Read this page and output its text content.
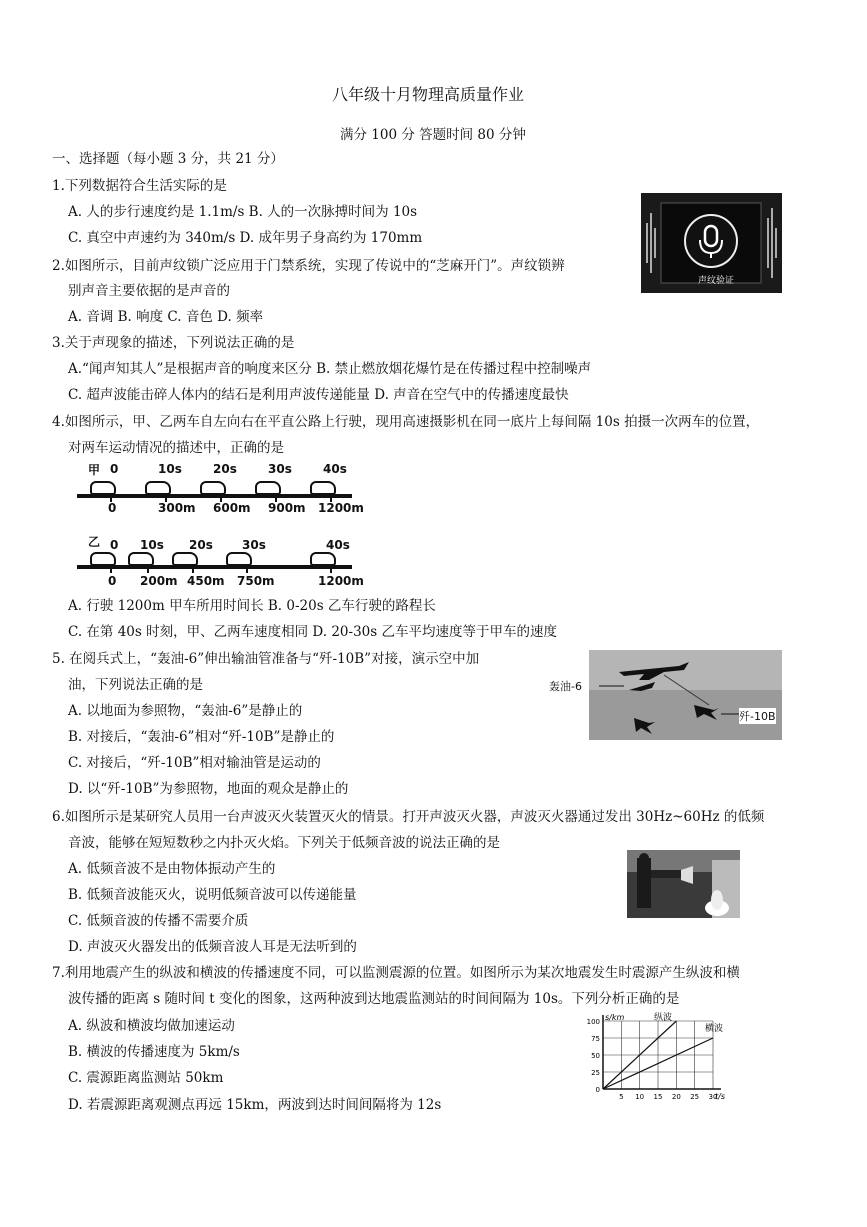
八年级十月物理高质量作业
满分 100 分 答题时间 80 分钟
一、选择题（每小题 3 分，共 21 分）
1.下列数据符合生活实际的是
A. 人的步行速度约是 1.1m/s B. 人的一次脉搏时间为 10s
C. 真空中声速约为 340m/s D. 成年男子身高约为 170mm
声纹验证
2.如图所示，目前声纹锁广泛应用于门禁系统，实现了传说中的“芝麻开门”。声纹锁辨
别声音主要依据的是声音的
A. 音调 B. 响度 C. 音色 D. 频率
3.关于声现象的描述，下列说法正确的是
A.“闻声知其人”是根据声音的响度来区分 B. 禁止燃放烟花爆竹是在传播过程中控制噪声
C. 超声波能击碎人体内的结石是利用声波传递能量 D. 声音在空气中的传播速度最快
4.如图所示，甲、乙两车自左向右在平直公路上行驶，现用高速摄影机在同一底片上每间隔 10s 拍摄一次两车的位置，
对两车运动情况的描述中，正确的是
甲 0	10s	20s	30s	40s
0	300m 600m 900m 1200m
乙 0 10s 20s 30s	40s
0 200m 450m 750m	1200m
A. 行驶 1200m 甲车所用时间长 B. 0-20s 乙车行驶的路程长
C. 在第 40s 时刻，甲、乙两车速度相同 D. 20-30s 乙车平均速度等于甲车的速度
轰油-6
歼-10B
5. 在阅兵式上，“轰油-6”伸出输油管准备与“歼-10B”对接，演示空中加
油，下列说法正确的是
A. 以地面为参照物，“轰油-6”是静止的
B. 对接后，“轰油-6”相对“歼-10B”是静止的
C. 对接后，“歼-10B”相对输油管是运动的
D. 以“歼-10B”为参照物，地面的观众是静止的
6.如图所示是某研究人员用一台声波灭火装置灭火的情景。打开声波灭火器，声波灭火器通过发出 30Hz~60Hz 的低频
音波，能够在短短数秒之内扑灭火焰。下列关于低频音波的说法正确的是
A. 低频音波不是由物体振动产生的
B. 低频音波能灭火，说明低频音波可以传递能量
C. 低频音波的传播不需要介质
D. 声波灭火器发出的低频音波人耳是无法听到的
7.利用地震产生的纵波和横波的传播速度不同，可以监测震源的位置。如图所示为某次地震发生时震源产生纵波和横
波传播的距离 s 随时间 t 变化的图象，这两种波到达地震监测站的时间间隔为 10s。下列分析正确的是
A. 纵波和横波均做加速运动
B. 横波的传播速度为 5km/s
C. 震源距离监测站 50km
D. 若震源距离观测点再远 15km，两波到达时间间隔将为 12s
100
75
50
25
0
5 10 15 20 25 30
s/km
t/s
纵波
横波
